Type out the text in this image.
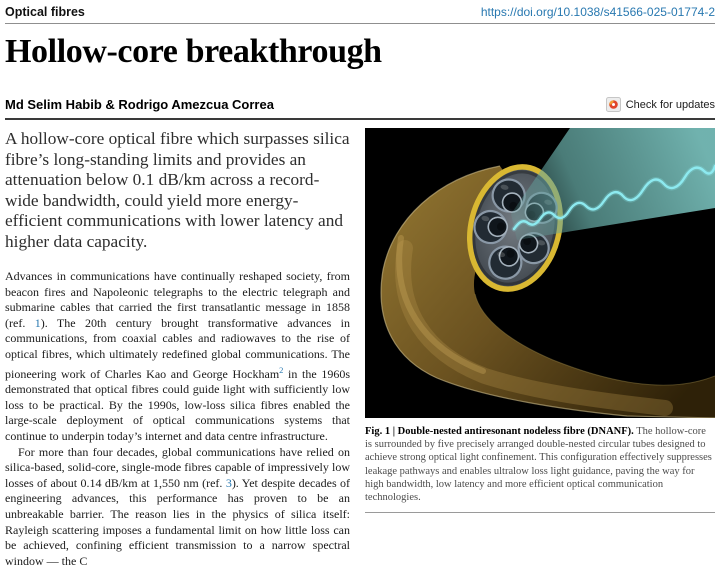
Optical fibres	https://doi.org/10.1038/s41566-025-01774-2
Hollow-core breakthrough
Md Selim Habib & Rodrigo Amezcua Correa	Check for updates

A hollow-core optical fibre which surpasses silica fibre’s long-standing limits and provides an attenuation below 0.1 dB/km across a record-wide bandwidth, could yield more energy-efficient communications with lower latency and higher data capacity.

Advances in communications have continually reshaped society, from beacon fires and Napoleonic telegraphs to the electric telegraph and submarine cables that carried the first transatlantic message in 1858 (ref. 1). The 20th century brought transformative advances in communications, from coaxial cables and radiowaves to the rise of optical fibres, which ultimately redefined global communications. The pioneering work of Charles Kao and George Hockham$^2$ in the 1960s demonstrated that optical fibres could guide light with sufficiently low loss to be practical. By the 1990s, low-loss silica fibres enabled the large-scale deployment of optical communications systems that continue to underpin today’s internet and data centre infrastructure.

For more than four decades, global communications have relied on silica-based, solid-core, single-mode fibres capable of impressively low losses of about 0.14 dB/km at 1,550 nm (ref. 3). Yet despite decades of engineering advances, this performance has proven to be an unbreakable barrier. The reason lies in the physics of silica itself: Rayleigh scattering imposes a fundamental limit on how little loss can be achieved, confining efficient transmission to a narrow spectral window — the C

Fig. 1 | Double-nested antiresonant nodeless fibre (DNANF). The hollow-core is surrounded by five precisely arranged double-nested circular tubes designed to achieve strong optical light confinement. This configuration effectively suppresses leakage pathways and enables ultralow loss light guidance, paving the way for high bandwidth, low latency and more efficient optical communication technologies.
